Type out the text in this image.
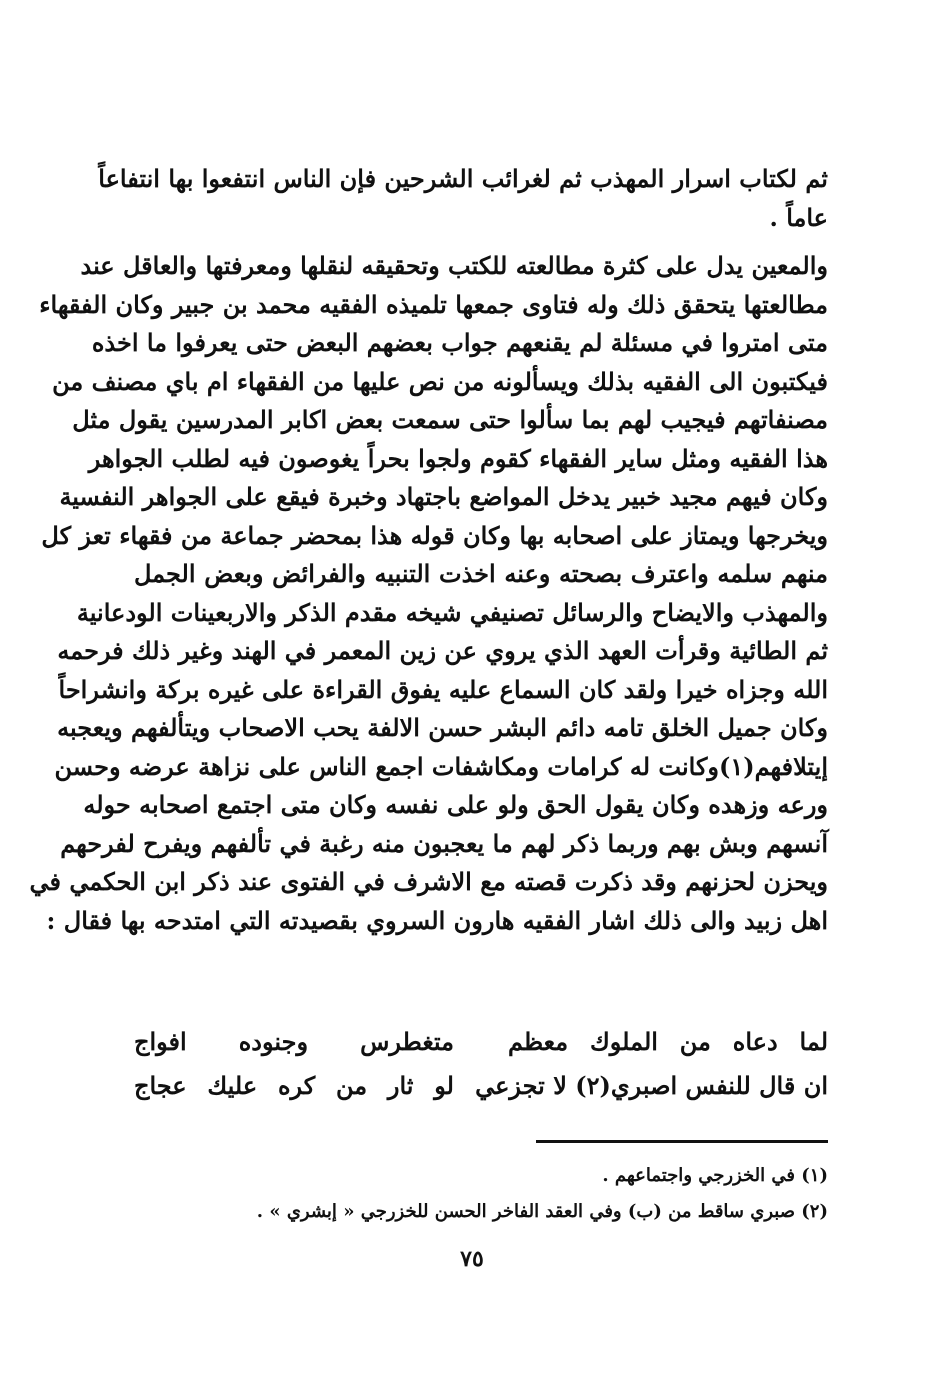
ثم لكتاب اسرار المهذب ثم لغرائب الشرحين فإن الناس انتفعوا بها انتفاعاً
عاماً .
والمعين يدل على كثرة مطالعته للكتب وتحقيقه لنقلها ومعرفتها والعاقل عند
مطالعتها يتحقق ذلك وله فتاوى جمعها تلميذه الفقيه محمد بن جبير وكان الفقهاء
متى امتروا في مسئلة لم يقنعهم جواب بعضهم البعض حتى يعرفوا ما اخذه
فيكتبون الى الفقيه بذلك ويسألونه من نص عليها من الفقهاء ام باي مصنف من
مصنفاتهم فيجيب لهم بما سألوا حتى سمعت بعض اكابر المدرسين يقول مثل
هذا الفقيه ومثل ساير الفقهاء كقوم ولجوا بحراً يغوصون فيه لطلب الجواهر
وكان فيهم مجيد خبير يدخل المواضع باجتهاد وخبرة فيقع على الجواهر النفسية
ويخرجها ويمتاز على اصحابه بها وكان قوله هذا بمحضر جماعة من فقهاء تعز كل
منهم سلمه واعترف بصحته وعنه اخذت التنبيه والفرائض وبعض الجمل
والمهذب والايضاح والرسائل تصنيفي شيخه مقدم الذكر والاربعينات الودعانية
ثم الطائية وقرأت العهد الذي يروي عن زين المعمر في الهند وغير ذلك فرحمه
الله وجزاه خيرا ولقد كان السماع عليه يفوق القراءة على غيره بركة وانشراحاً
وكان جميل الخلق تامه دائم البشر حسن الالفة يحب الاصحاب ويتألفهم ويعجبه
إيتلافهم(١)وكانت له كرامات ومكاشفات اجمع الناس على نزاهة عرضه وحسن
ورعه وزهده وكان يقول الحق ولو على نفسه وكان متى اجتمع اصحابه حوله
آنسهم وبش بهم وربما ذكر لهم ما يعجبون منه رغبة في تألفهم ويفرح لفرحهم
ويحزن لحزنهم وقد ذكرت قصته مع الاشرف في الفتوى عند ذكر ابن الحكمي في
اهل زبيد والى ذلك اشار الفقيه هارون السروي بقصيدته التي امتدحه بها فقال :
لما دعاه من الملوك معظم
متغطرس وجنوده افواج
ان قال للنفس اصبري(٢) لا تجزعي
لو ثار من كره عليك عجاج
(١) في الخزرجي واجتماعهم .
(٢) صبري ساقط من (ب) وفي العقد الفاخر الحسن للخزرجي « إبشري » .
٧٥
